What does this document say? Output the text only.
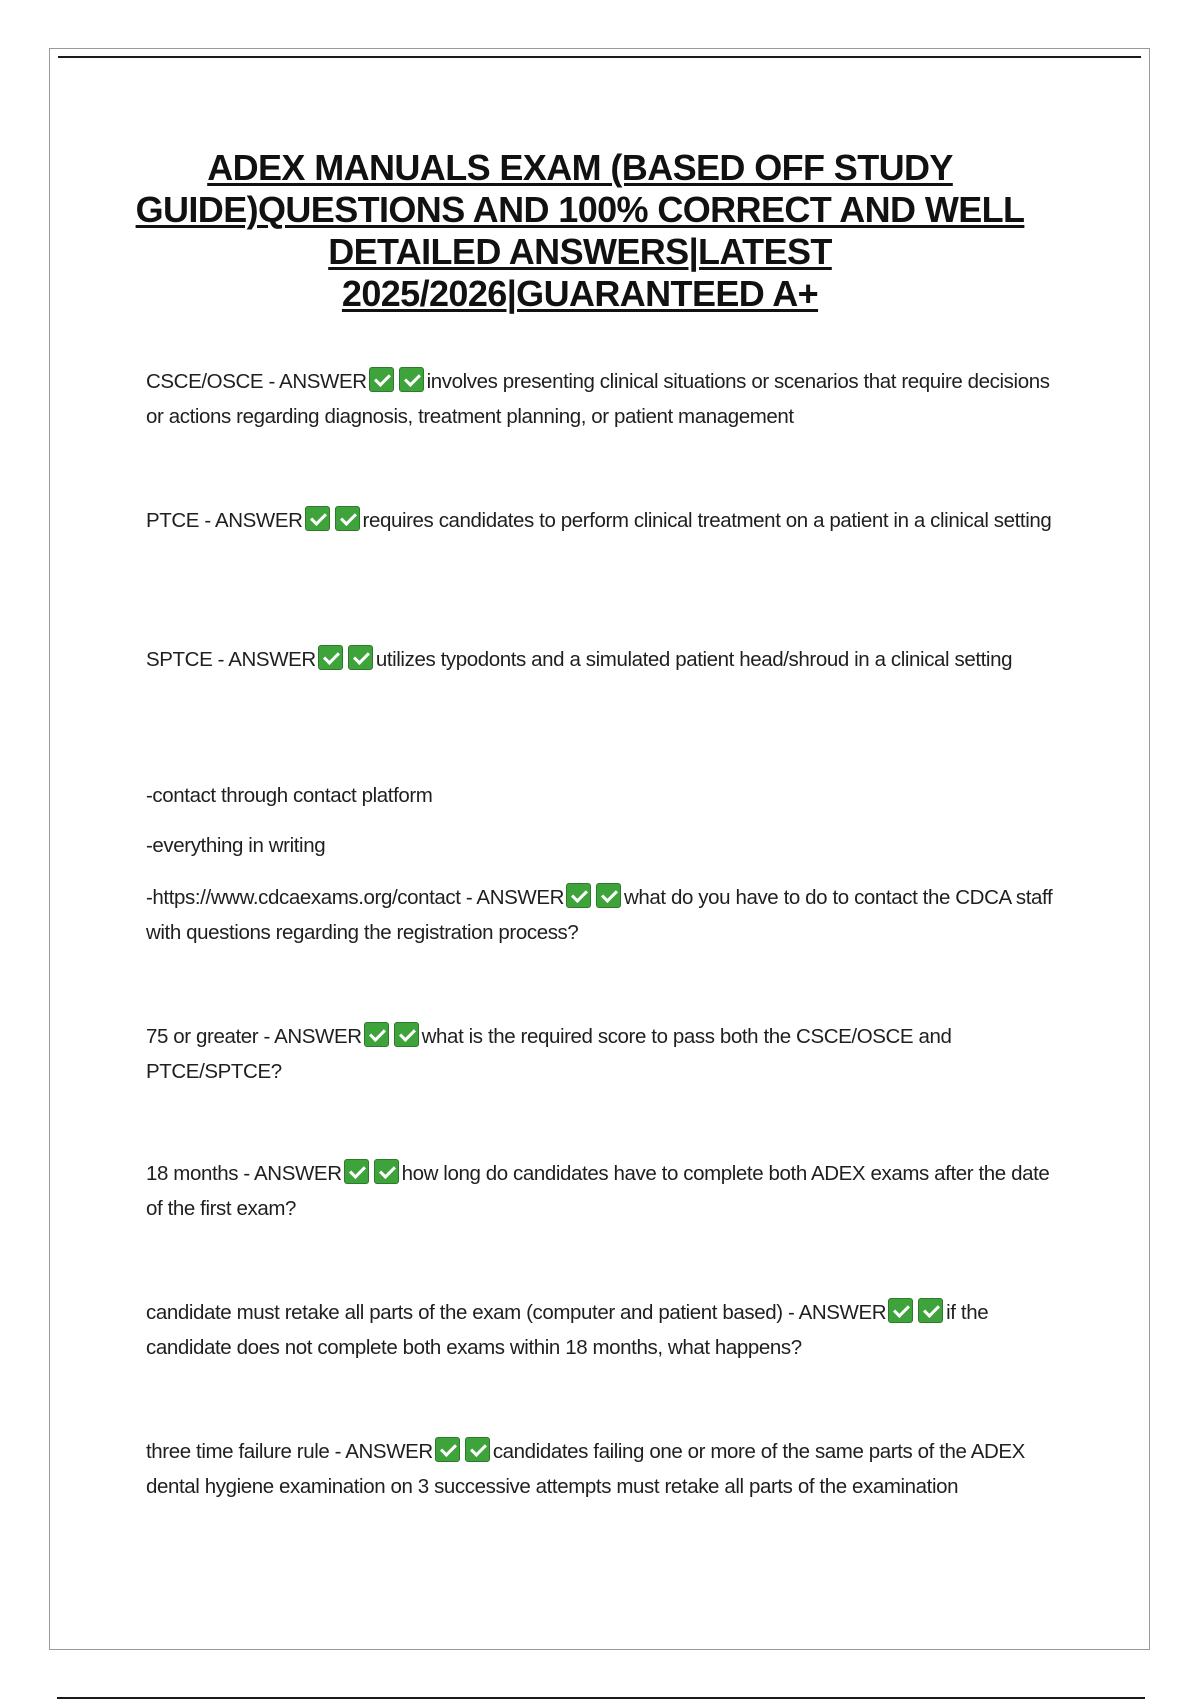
ADEX MANUALS EXAM (BASED OFF STUDY GUIDE)QUESTIONS AND 100% CORRECT AND WELL DETAILED ANSWERS|LATEST 2025/2026|GUARANTEED A+

CSCE/OSCE - ANSWER	involves presenting clinical situations or scenarios that require decisions or actions regarding diagnosis, treatment planning, or patient management

PTCE - ANSWER	requires candidates to perform clinical treatment on a patient in a clinical setting

SPTCE - ANSWER	utilizes typodonts and a simulated patient head/shroud in a clinical setting

-contact through contact platform

-everything in writing

-https://www.cdcaexams.org/contact - ANSWER	what do you have to do to contact the CDCA staff with questions regarding the registration process?

75 or greater - ANSWER	what is the required score to pass both the CSCE/OSCE and PTCE/SPTCE?

18 months - ANSWER	how long do candidates have to complete both ADEX exams after the date of the first exam?

candidate must retake all parts of the exam (computer and patient based) - ANSWER	if the candidate does not complete both exams within 18 months, what happens?

three time failure rule - ANSWER	candidates failing one or more of the same parts of the ADEX dental hygiene examination on 3 successive attempts must retake all parts of the examination
